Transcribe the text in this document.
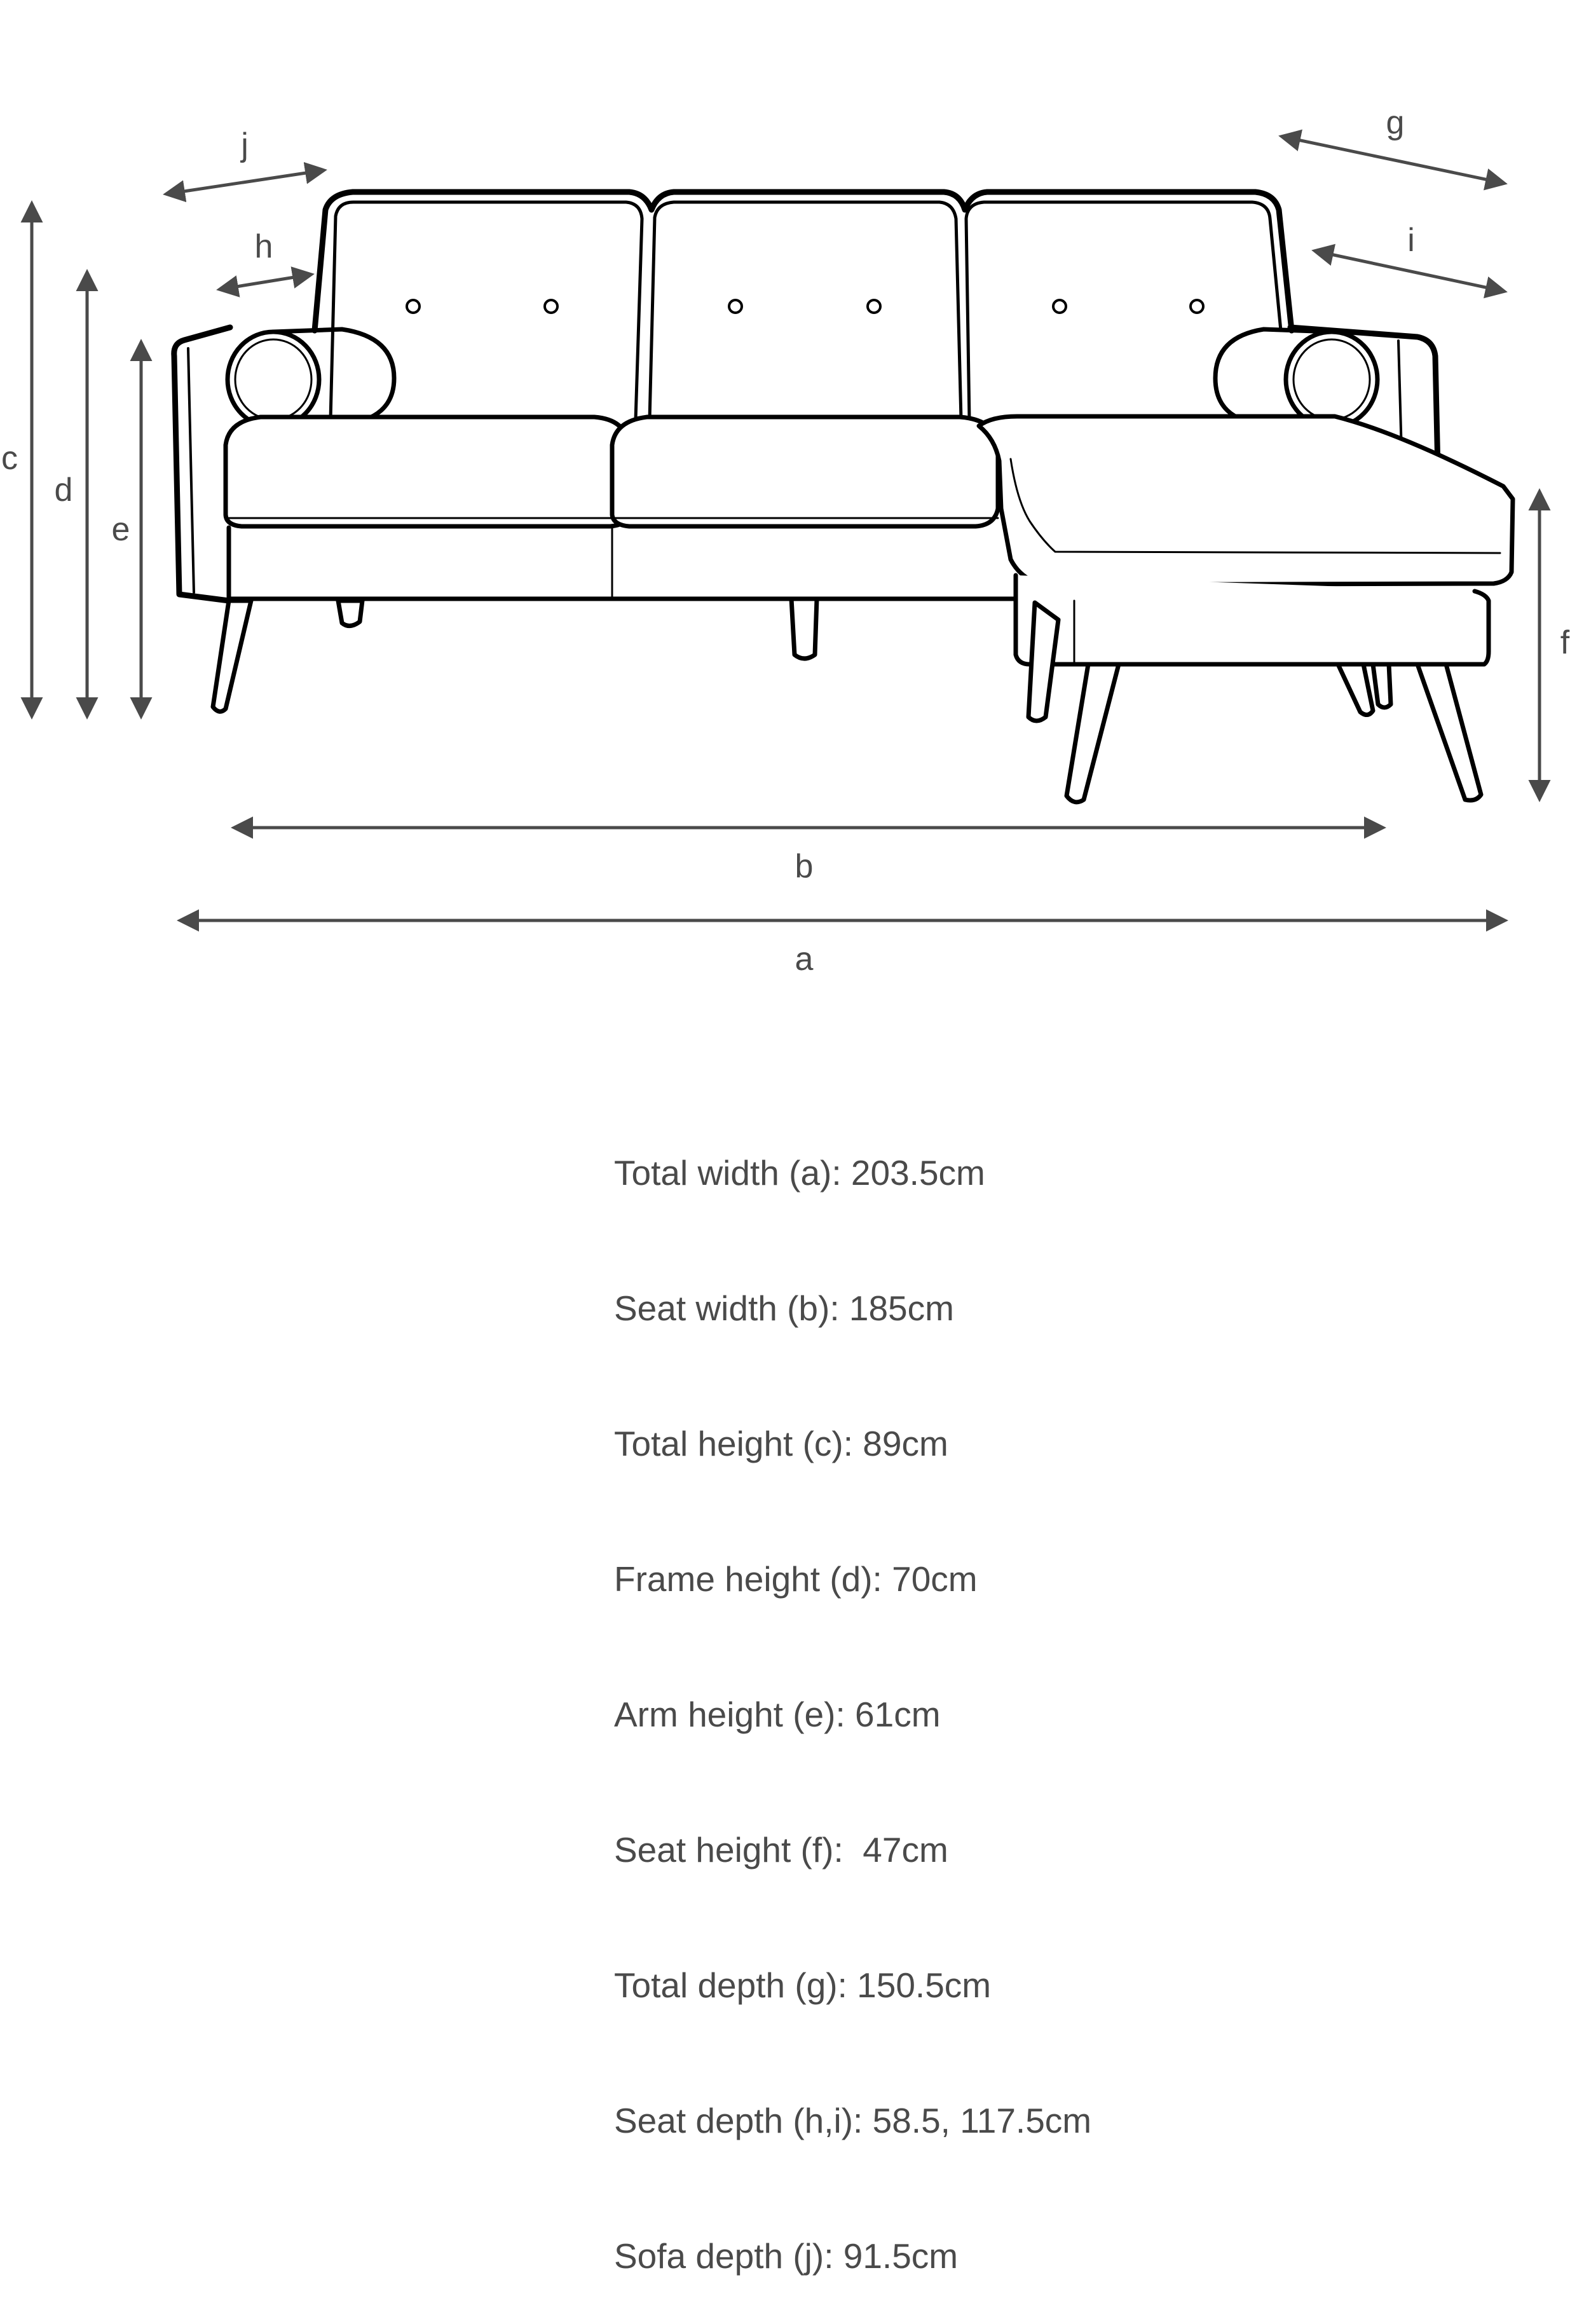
a
b
c
d
e
f
g
h	i
j

Total width (a): 203.5cm

Seat width (b): 185cm

Total height (c): 89cm

Frame height (d): 70cm

Arm height (e): 61cm

Seat height (f):  47cm

Total depth (g): 150.5cm

Seat depth (h,i): 58.5, 117.5cm

Sofa depth (j): 91.5cm
